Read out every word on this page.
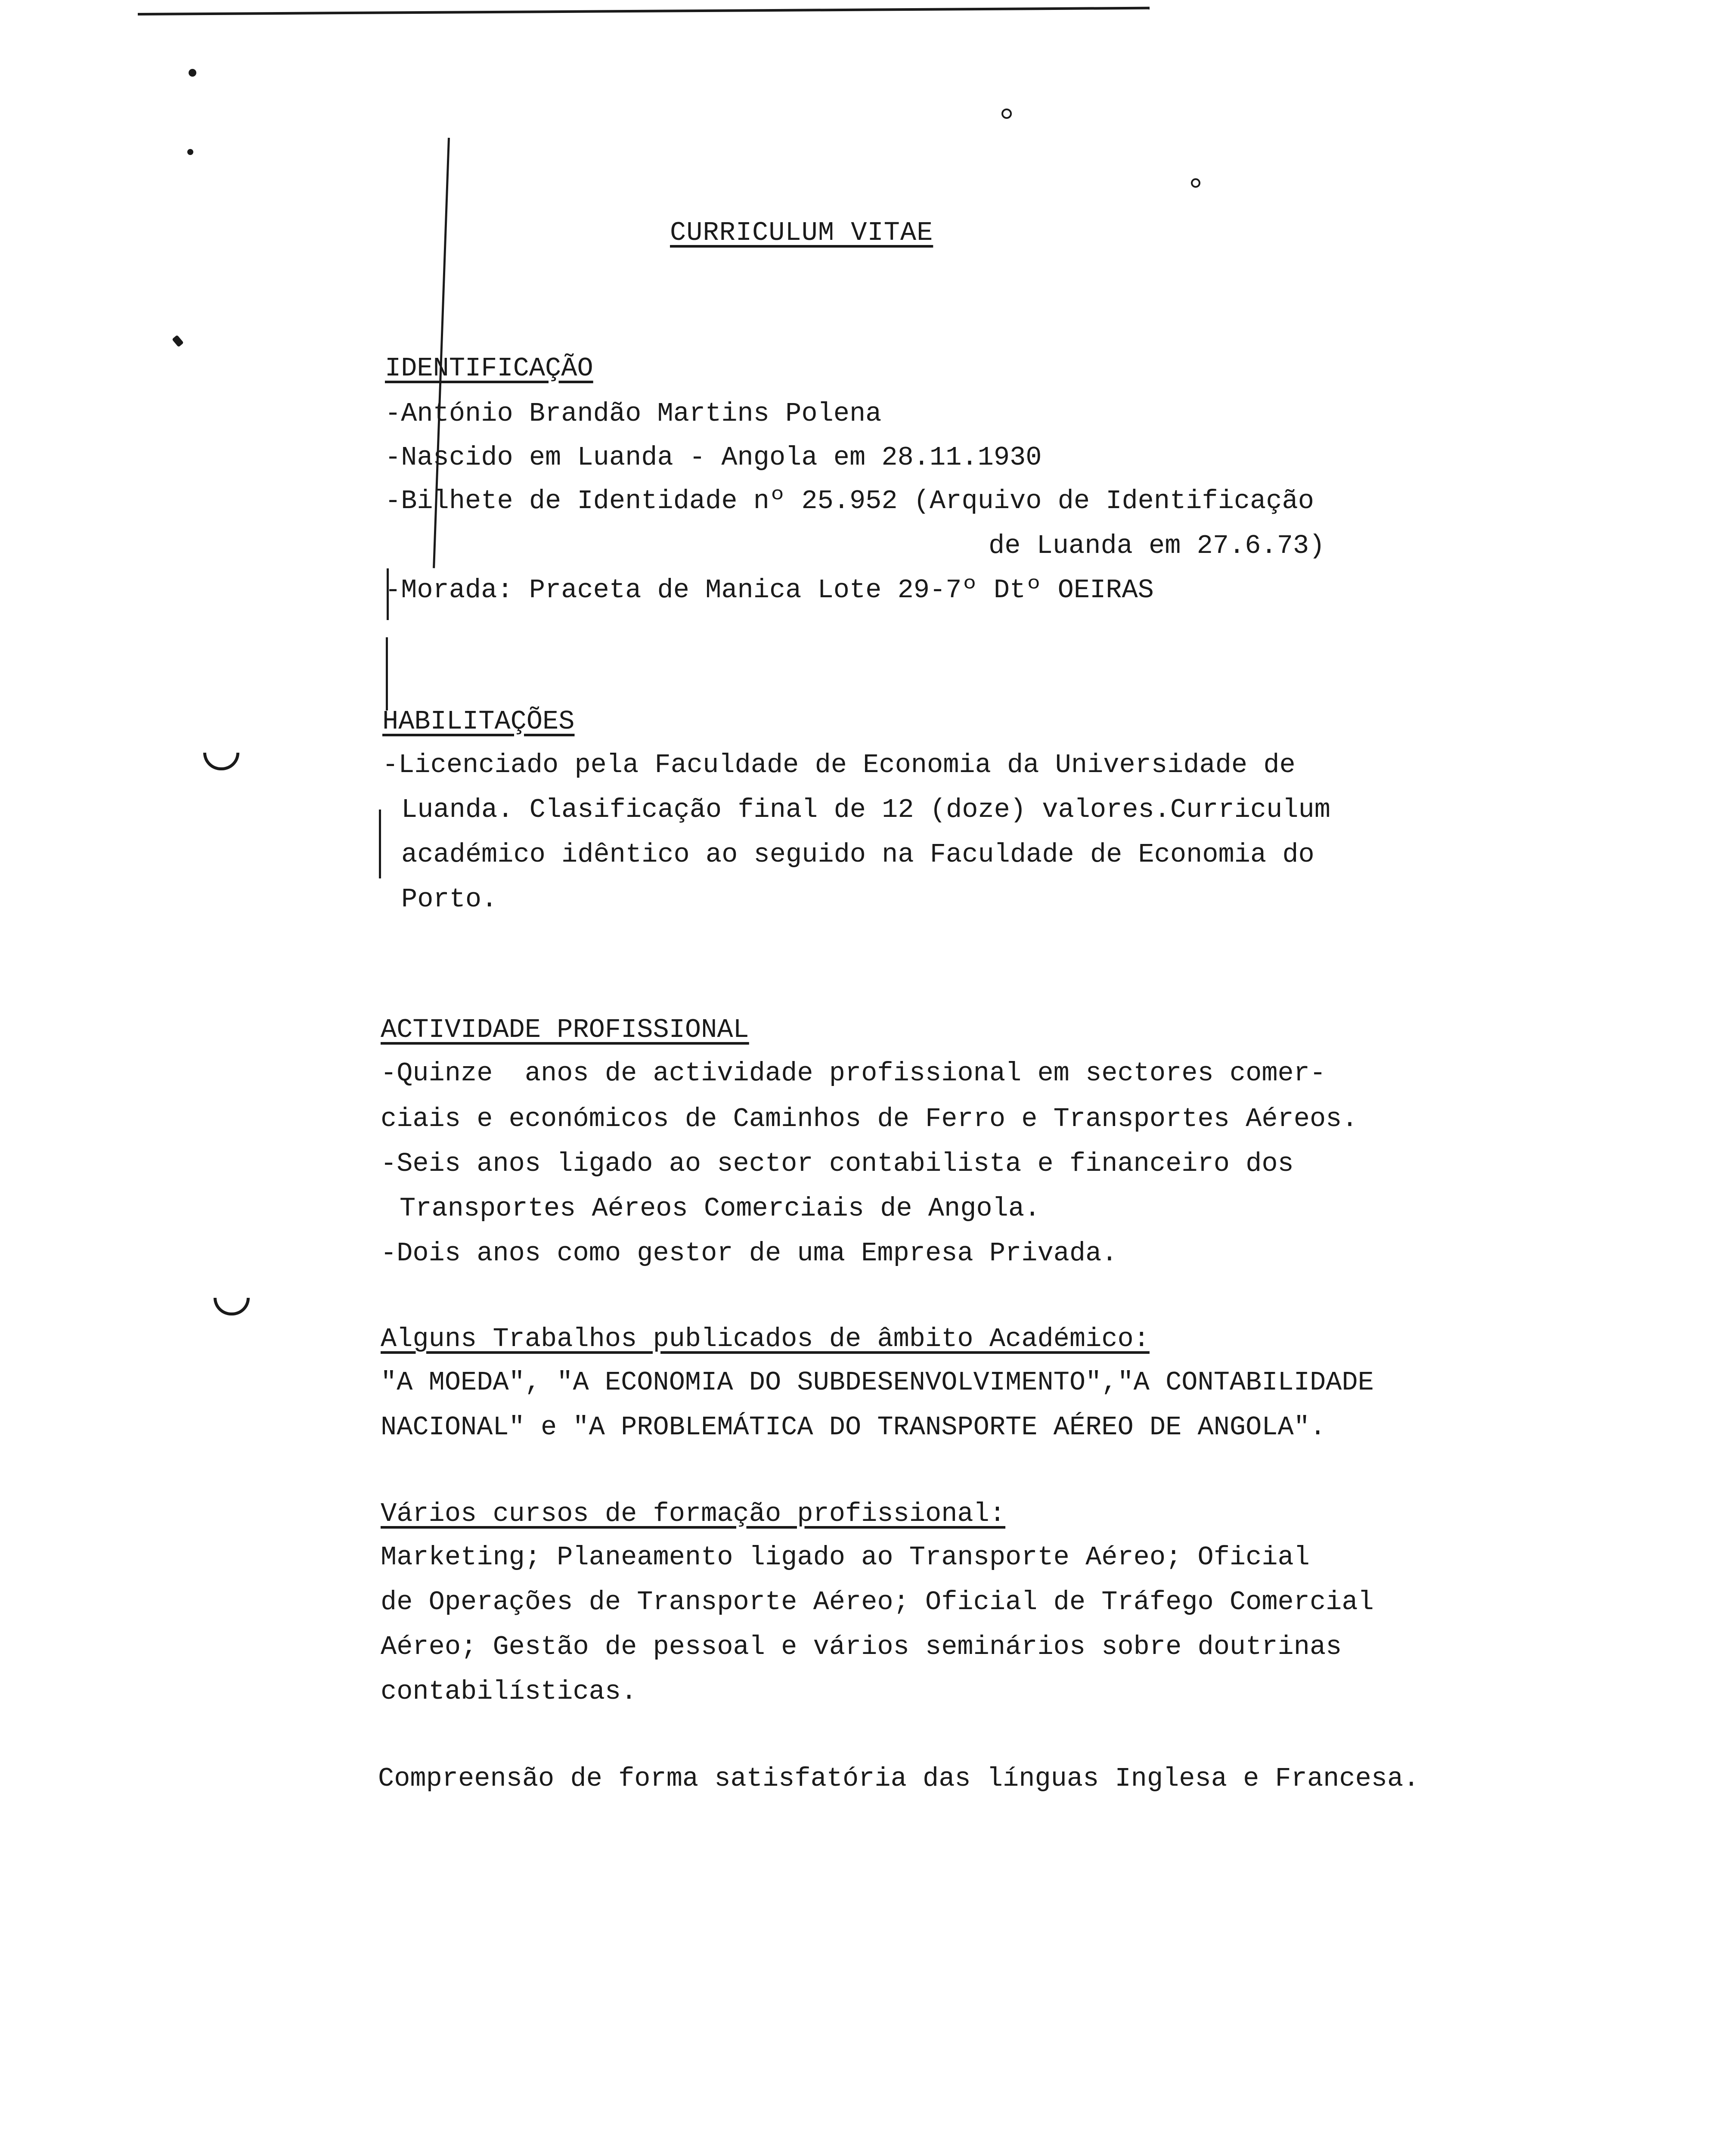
CURRICULUM VITAE
IDENTIFICAÇÃO
-António Brandão Martins Polena
-Nascido em Luanda - Angola em 28.11.1930
-Bilhete de Identidade nº 25.952 (Arquivo de Identificação
de Luanda em 27.6.73)
-Morada: Praceta de Manica Lote 29-7º Dtº OEIRAS
HABILITAÇÕES
-Licenciado pela Faculdade de Economia da Universidade de
Luanda. Clasificação final de 12 (doze) valores.Curriculum
académico idêntico ao seguido na Faculdade de Economia do
Porto.
ACTIVIDADE PROFISSIONAL
-Quinze  anos de actividade profissional em sectores comer-
ciais e económicos de Caminhos de Ferro e Transportes Aéreos.
-Seis anos ligado ao sector contabilista e financeiro dos
Transportes Aéreos Comerciais de Angola.
-Dois anos como gestor de uma Empresa Privada.
Alguns Trabalhos publicados de âmbito Académico:
"A MOEDA", "A ECONOMIA DO SUBDESENVOLVIMENTO","A CONTABILIDADE
NACIONAL" e "A PROBLEMÁTICA DO TRANSPORTE AÉREO DE ANGOLA".
Vários cursos de formação profissional:
Marketing; Planeamento ligado ao Transporte Aéreo; Oficial
de Operações de Transporte Aéreo; Oficial de Tráfego Comercial
Aéreo; Gestão de pessoal e vários seminários sobre doutrinas
contabilísticas.
Compreensão de forma satisfatória das línguas Inglesa e Francesa.
